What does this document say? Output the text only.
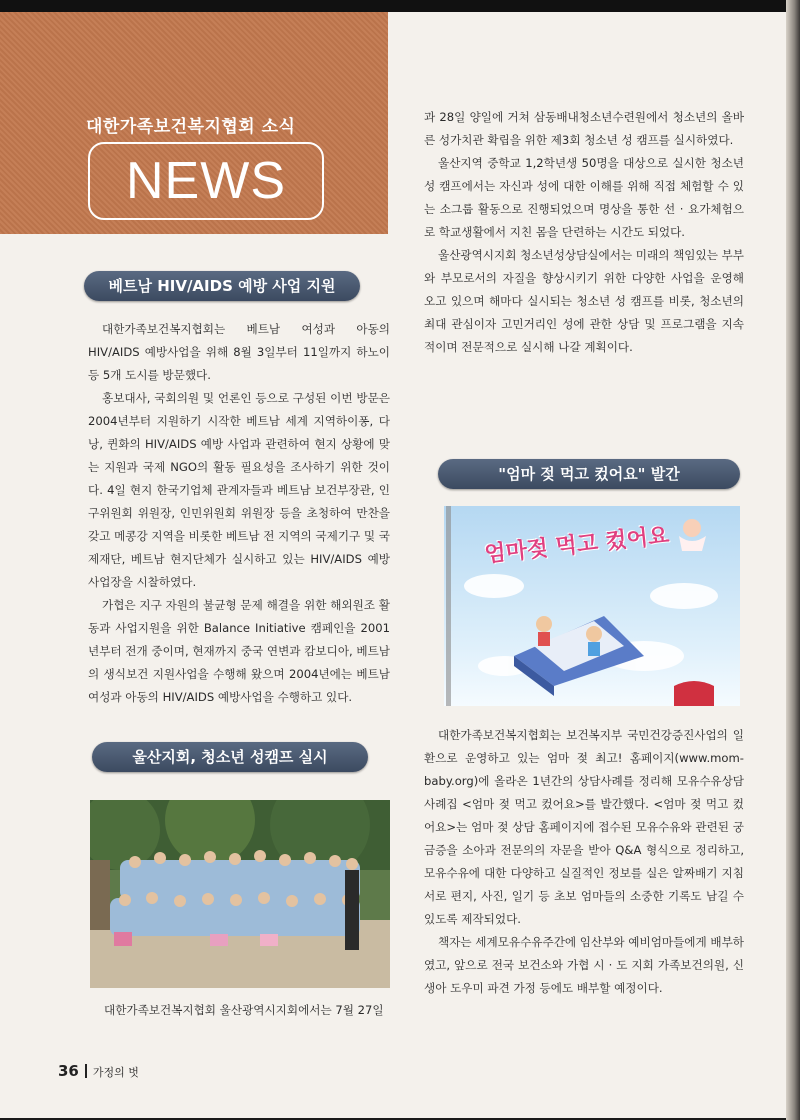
대한가족보건복지협회 소식
NEWS
베트남 HIV/AIDS 예방 사업 지원

대한가족보건복지협회는 베트남 여성과 아동의 HIV/AIDS 예방사업을 위해 8월 3일부터 11일까지 하노이 등 5개 도시를 방문했다.

홍보대사, 국회의원 및 언론인 등으로 구성된 이번 방문은 2004년부터 지원하기 시작한 베트남 세계 지역하이퐁, 다낭, 퀸화의 HIV/AIDS 예방 사업과 관련하여 현지 상황에 맞는 지원과 국제 NGO의 활동 필요성을 조사하기 위한 것이다. 4일 현지 한국기업체 관계자들과 베트남 보건부장관, 인구위원회 위원장, 인민위원회 위원장 등을 초청하여 만찬을 갖고 메콩강 지역을 비롯한 베트남 전 지역의 국제기구 및 국제재단, 베트남 현지단체가 실시하고 있는 HIV/AIDS 예방 사업장을 시찰하였다.

가협은 지구 자원의 불균형 문제 해결을 위한 해외원조 활동과 사업지원을 위한 Balance Initiative 캠페인을 2001년부터 전개 중이며, 현재까지 중국 연변과 캄보디아, 베트남의 생식보건 지원사업을 수행해 왔으며 2004년에는 베트남 여성과 아동의 HIV/AIDS 예방사업을 수행하고 있다.

울산지회, 청소년 성캠프 실시
대한가족보건복지협회 울산광역시지회에서는 7월 27일

과 28일 양일에 거쳐 삼동배내청소년수련원에서 청소년의 올바른 성가치관 확립을 위한 제3회 청소년 성 캠프를 실시하였다.

울산지역 중학교 1,2학년생 50명을 대상으로 실시한 청소년 성 캠프에서는 자신과 성에 대한 이해를 위해 직접 체험할 수 있는 소그룹 활동으로 진행되었으며 명상을 통한 선 · 요가체험으로 학교생활에서 지친 몸을 단련하는 시간도 되었다.

울산광역시지회 청소년성상담실에서는 미래의 책임있는 부부와 부모로서의 자질을 향상시키기 위한 다양한 사업을 운영해 오고 있으며 해마다 실시되는 청소년 성 캠프를 비롯, 청소년의 최대 관심이자 고민거리인 성에 관한 상담 및 프로그램을 지속적이며 전문적으로 실시해 나갈 계획이다.

"엄마 젖 먹고 컸어요" 발간
엄마젖 먹고 컸어요

대한가족보건복지협회는 보건복지부 국민건강증진사업의 일환으로 운영하고 있는 엄마 젖 최고! 홈페이지(www.mom-baby.org)에 올라온 1년간의 상담사례를 정리해 모유수유상담 사례집 <엄마 젖 먹고 컸어요>를 발간했다. <엄마 젖 먹고 컸어요>는 엄마 젖 상담 홈페이지에 접수된 모유수유와 관련된 궁금증을 소아과 전문의의 자문을 받아 Q&A 형식으로 정리하고, 모유수유에 대한 다양하고 실질적인 정보를 실은 알짜배기 지침서로 편지, 사진, 일기 등 초보 엄마들의 소중한 기록도 남길 수 있도록 제작되었다.

책자는 세계모유수유주간에 임산부와 예비엄마들에게 배부하였고, 앞으로 전국 보건소와 가협 시 · 도 지회 가족보건의원, 신생아 도우미 파견 가정 등에도 배부할 예정이다.

36 가정의 벗
